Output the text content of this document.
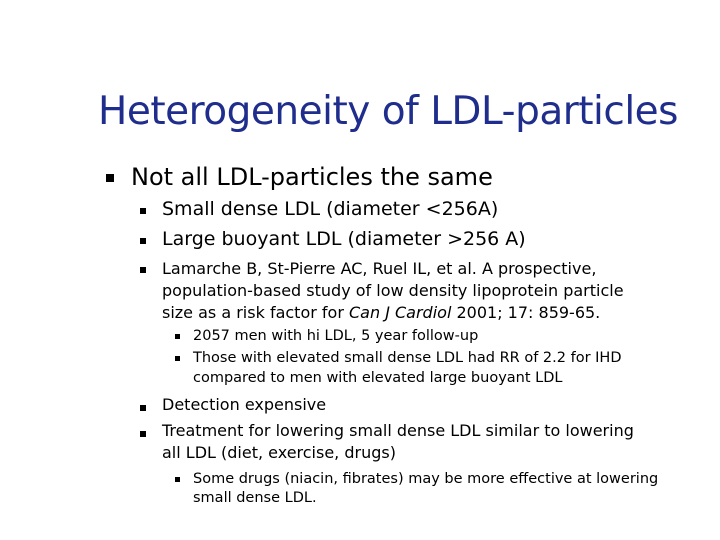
Heterogeneity of LDL-particles
Not all LDL-particles the same
Small dense LDL (diameter <256A)
Large buoyant LDL (diameter >256 A)
Lamarche B, St-Pierre AC, Ruel IL, et al. A prospective,
population-based study of low density lipoprotein particle
size as a risk factor for Can J Cardiol 2001; 17: 859-65.
2057 men with hi LDL, 5 year follow-up
Those with elevated small dense LDL had RR of 2.2 for IHD
compared to men with elevated large buoyant LDL
Detection expensive
Treatment for lowering small dense LDL similar to lowering
all LDL (diet, exercise, drugs)
Some drugs (niacin, fibrates) may be more effective at lowering
small dense LDL.
